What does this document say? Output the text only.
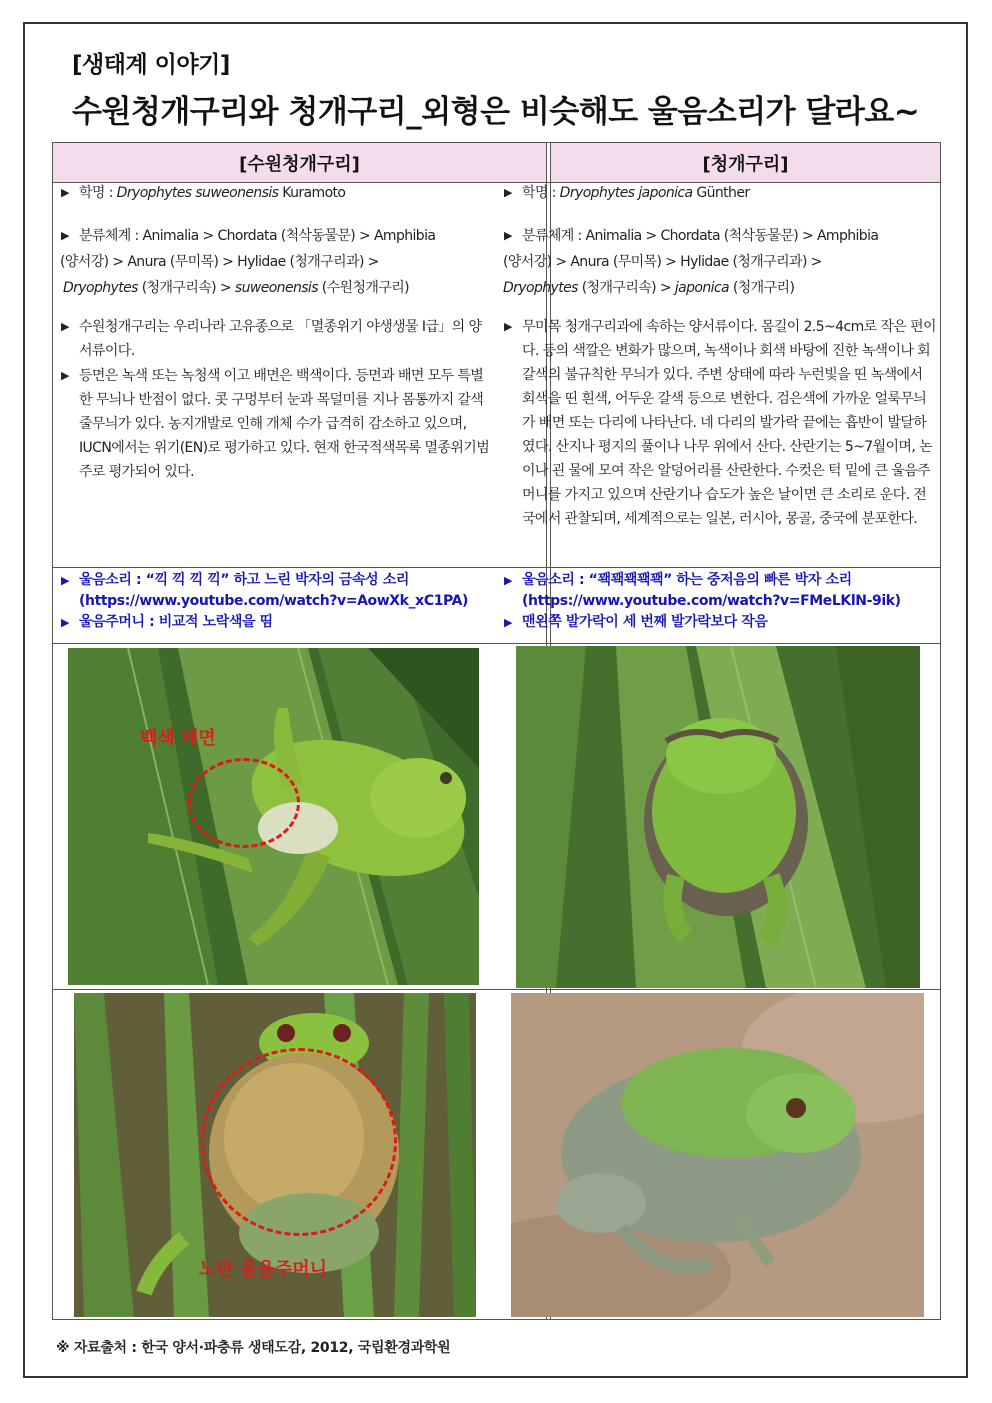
[생태계 이야기]
수원청개구리와 청개구리_외형은 비슷해도 울음소리가 달라요~
[수원청개구리]	[청개구리]

▶ 학명 : Dryophytes suweonensis Kuramoto

▶ 분류체계 : Animalia > Chordata (척삭동물문) > Amphibia
(양서강) > Anura (무미목) > Hylidae (청개구리과) >
Dryophytes (청개구리속) > suweonensis (수원청개구리)

▶ 수원청개구리는 우리나라 고유종으로 「멸종위기 야생생물 Ⅰ급」의 양서류이다.

▶ 등면은 녹색 또는 녹청색 이고 배면은 백색이다. 등면과 배면 모두 특별한 무늬나 반점이 없다. 콧 구멍부터 눈과 목덜미를 지나 몸통까지 갈색 줄무늬가 있다. 농지개발로 인해 개체 수가 급격히 감소하고 있으며, IUCN에서는 위기(EN)로 평가하고 있다. 현재 한국적색목록 멸종위기범주로 평가되어 있다.

▶ 학명 : Dryophytes japonica Günther

▶ 분류체계 : Animalia > Chordata (척삭동물문) > Amphibia
(양서강) > Anura (무미목) > Hylidae (청개구리과) >
Dryophytes (청개구리속) > japonica (청개구리)

▶ 무미목 청개구리과에 속하는 양서류이다. 몸길이 2.5~4cm로 작은 편이다. 등의 색깔은 변화가 많으며, 녹색이나 회색 바탕에 진한 녹색이나 회갈색의 불규칙한 무늬가 있다. 주변 상태에 따라 누런빛을 띤 녹색에서 회색을 띤 흰색, 어두운 갈색 등으로 변한다. 검은색에 가까운 얼룩무늬가 배면 또는 다리에 나타난다. 네 다리의 발가락 끝에는 흡반이 발달하였다. 산지나 평지의 풀이나 나무 위에서 산다. 산란기는 5~7월이며, 논이나 괸 물에 모여 작은 알덩어리를 산란한다. 수컷은 턱 밑에 큰 울음주머니를 가지고 있으며 산란기나 습도가 높은 날이면 큰 소리로 운다. 전국에서 관찰되며, 세계적으로는 일본, 러시아, 몽골, 중국에 분포한다.

▶ 울음소리 : “끽 끽 끽 끽” 하고 느린 박자의 금속성 소리

(https://www.youtube.com/watch?v=AowXk_xC1PA)

▶ 울음주머니 : 비교적 노락색을 띰

▶ 울음소리 : “꽥꽥꽥꽥꽥” 하는 중저음의 빠른 박자 소리

(https://www.youtube.com/watch?v=FMeLKlN-9ik)

▶ 맨왼쪽 발가락이 세 번째 발가락보다 작음

백색 배면
노란 울음주머니
※ 자료출처 : 한국 양서·파충류 생태도감, 2012, 국립환경과학원
